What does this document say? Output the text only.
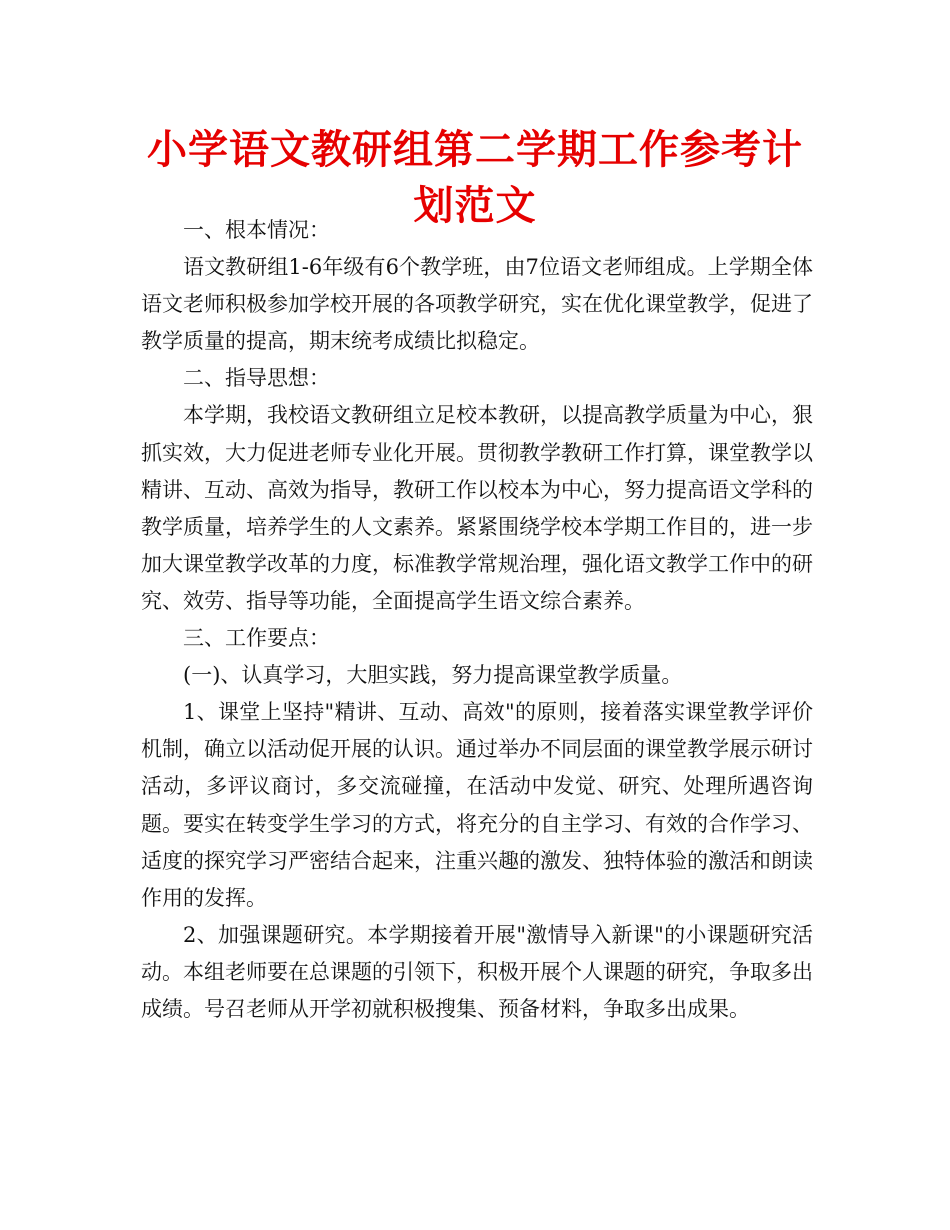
小学语文教研组第二学期工作参考计划范文

一、根本情况：

语文教研组1-6年级有6个教学班，由7位语文老师组成。上学期全体语文老师积极参加学校开展的各项教学研究，实在优化课堂教学，促进了教学质量的提高，期末统考成绩比拟稳定。

二、指导思想：

本学期，我校语文教研组立足校本教研，以提高教学质量为中心，狠抓实效，大力促进老师专业化开展。贯彻教学教研工作打算，课堂教学以精讲、互动、高效为指导，教研工作以校本为中心，努力提高语文学科的教学质量，培养学生的人文素养。紧紧围绕学校本学期工作目的，进一步加大课堂教学改革的力度，标准教学常规治理，强化语文教学工作中的研究、效劳、指导等功能，全面提高学生语文综合素养。

三、工作要点：

(一)、认真学习，大胆实践，努力提高课堂教学质量。

1、课堂上坚持"精讲、互动、高效"的原则，接着落实课堂教学评价机制，确立以活动促开展的认识。通过举办不同层面的课堂教学展示研讨活动，多评议商讨，多交流碰撞，在活动中发觉、研究、处理所遇咨询题。要实在转变学生学习的方式，将充分的自主学习、有效的合作学习、适度的探究学习严密结合起来，注重兴趣的激发、独特体验的激活和朗读作用的发挥。

2、加强课题研究。本学期接着开展"激情导入新课"的小课题研究活动。本组老师要在总课题的引领下，积极开展个人课题的研究，争取多出成绩。号召老师从开学初就积极搜集、预备材料，争取多出成果。
